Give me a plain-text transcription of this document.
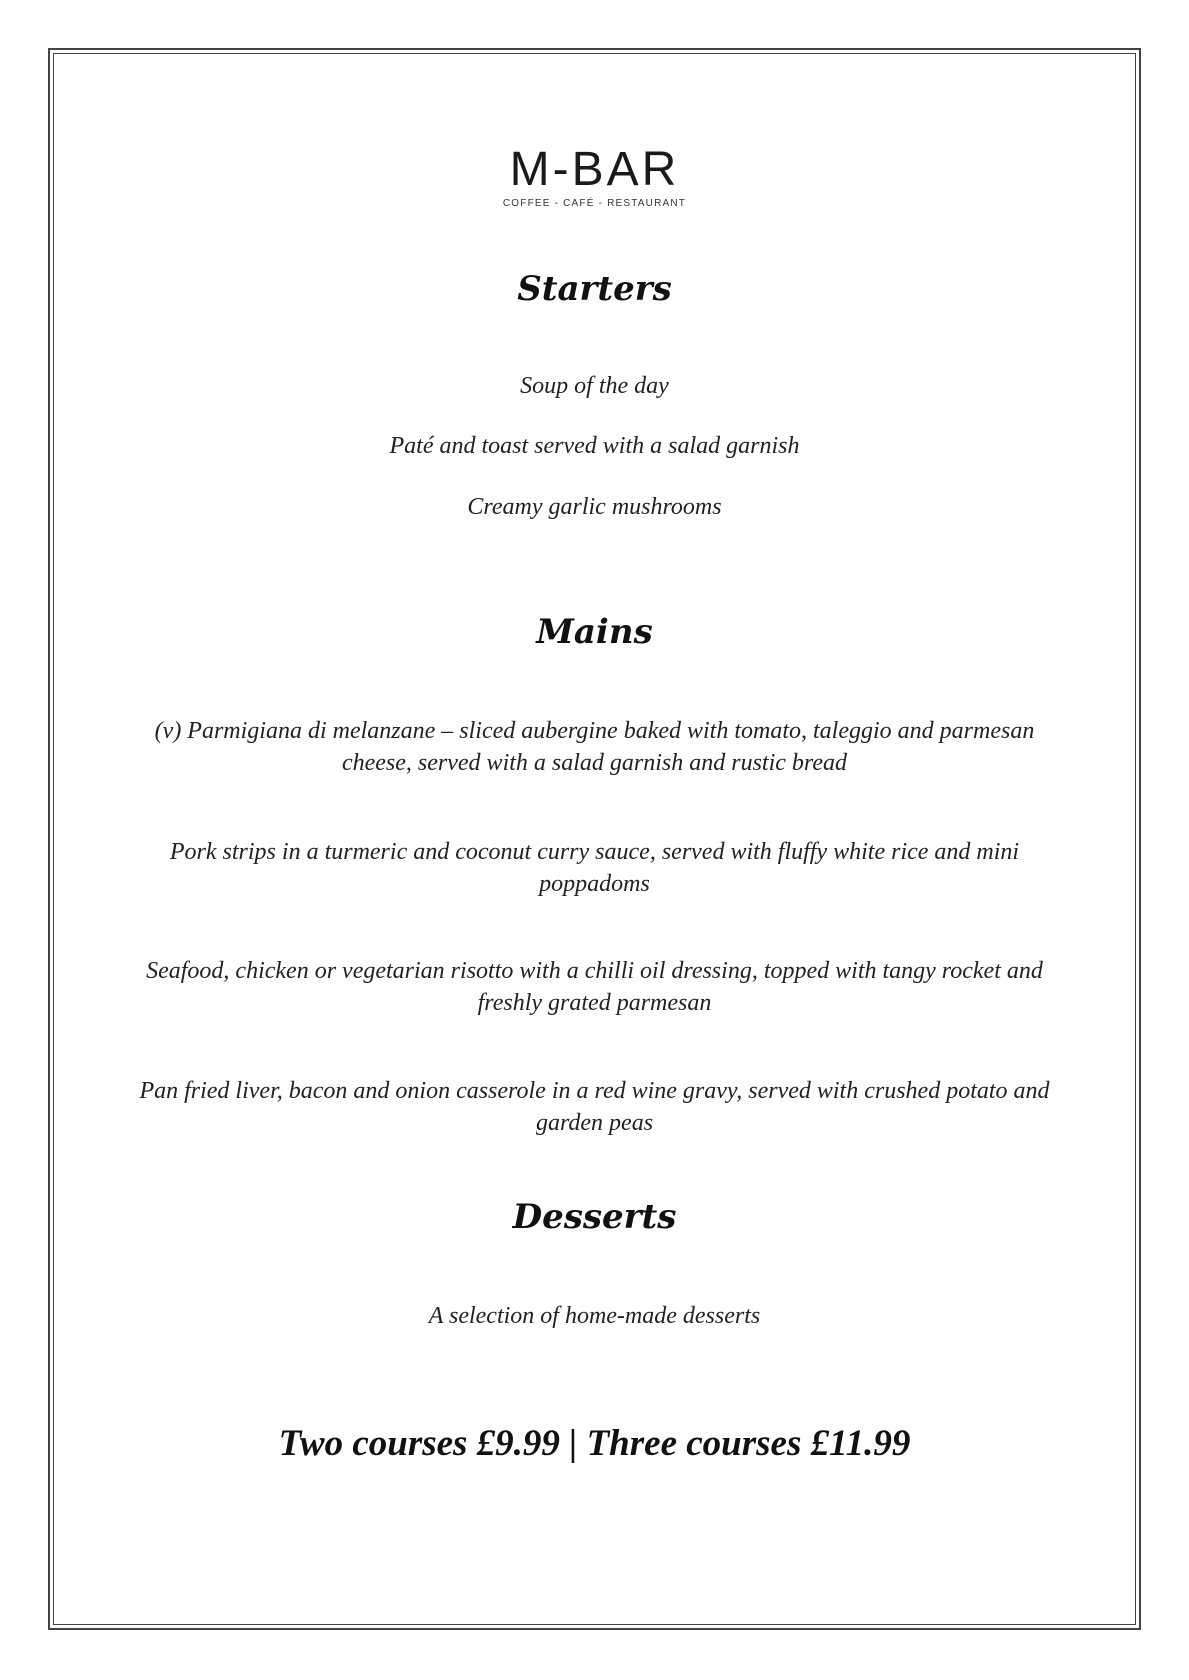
M-BAR
COFFEE - CAFÉ - RESTAURANT
Starters
Soup of the day
Paté and toast served with a salad garnish
Creamy garlic mushrooms
Mains
(v) Parmigiana di melanzane – sliced aubergine baked with tomato, taleggio and parmesan cheese, served with a salad garnish and rustic bread
Pork strips in a turmeric and coconut curry sauce, served with fluffy white rice and mini poppadoms
Seafood, chicken or vegetarian risotto with a chilli oil dressing, topped with tangy rocket and freshly grated parmesan
Pan fried liver, bacon and onion casserole in a red wine gravy, served with crushed potato and garden peas
Desserts
A selection of home-made desserts
Two courses £9.99 | Three courses £11.99
